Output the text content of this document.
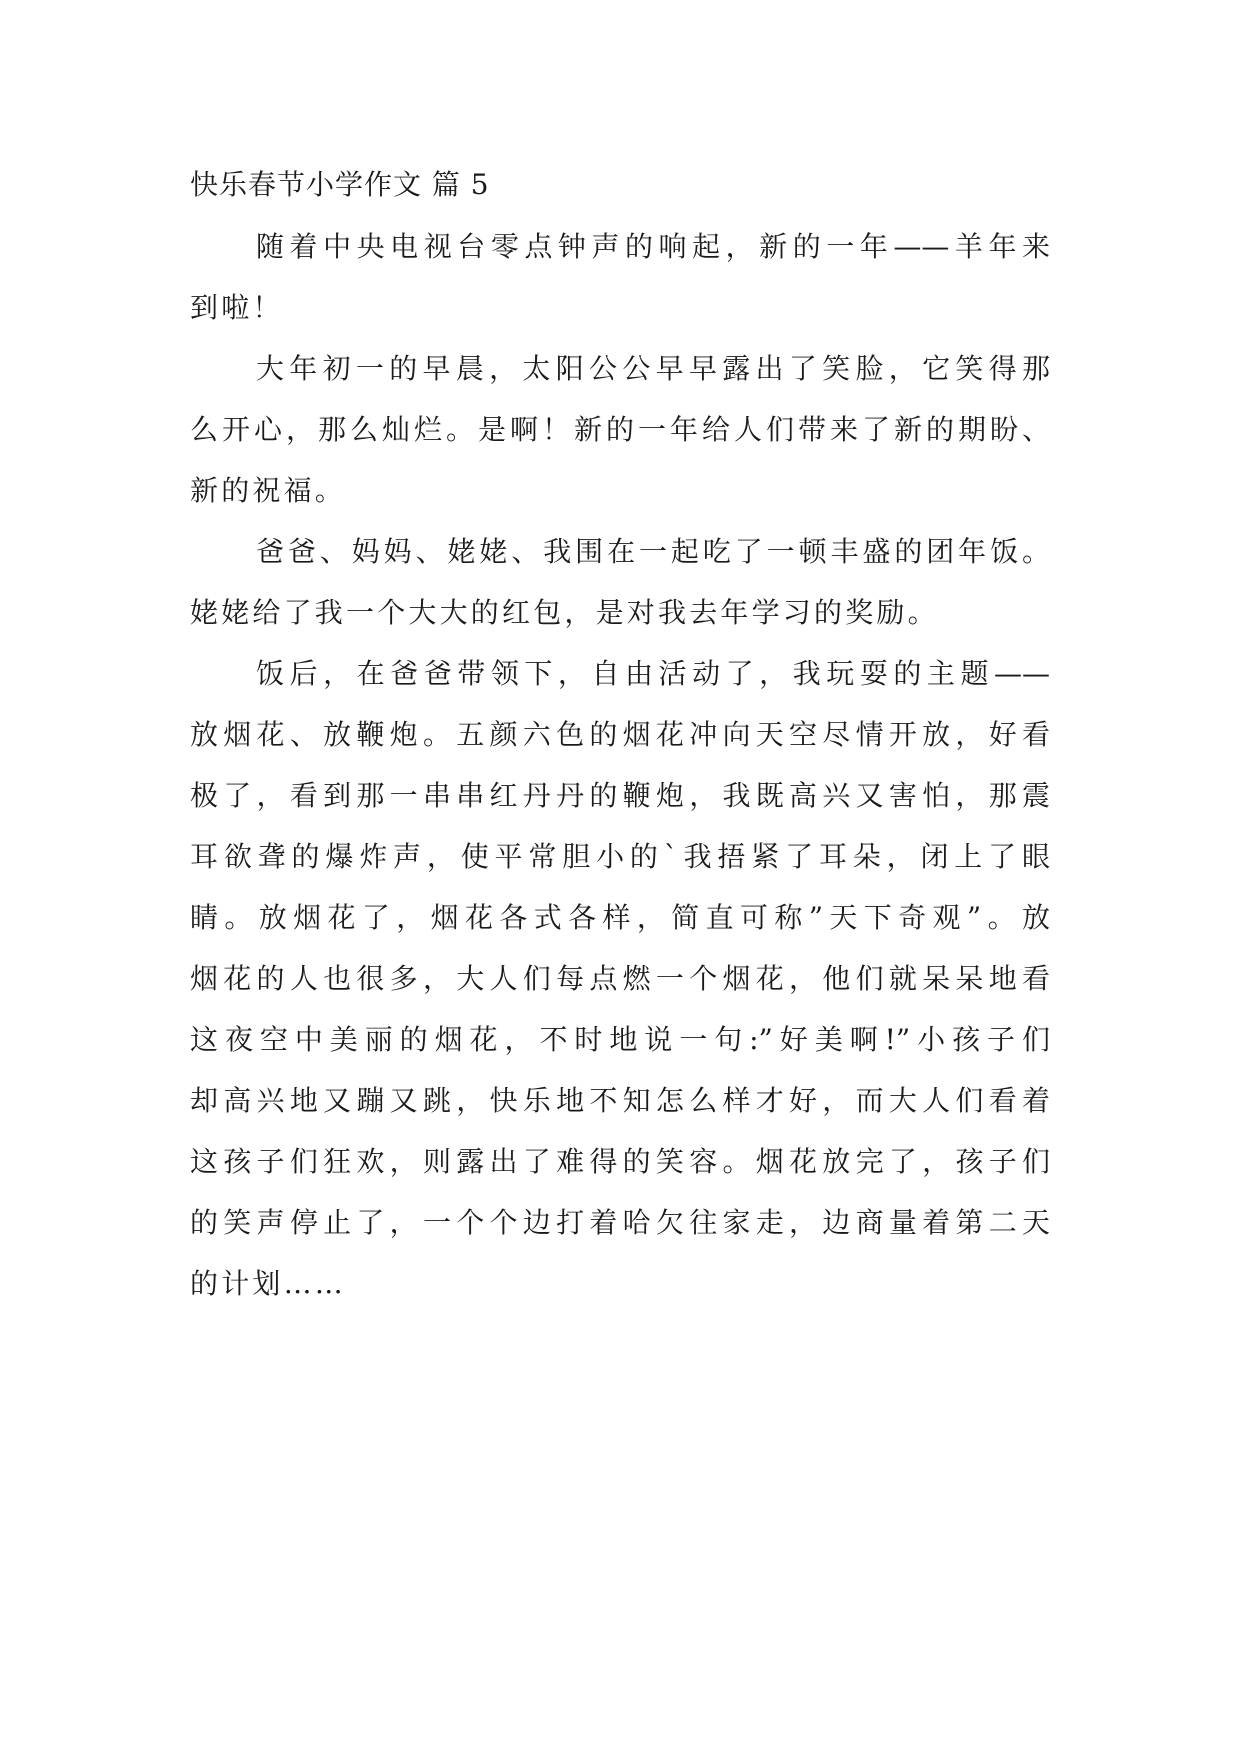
快乐春节小学作文 篇 5
随着中央电视台零点钟声的响起，新的一年——羊年来
到啦！
大年初一的早晨，太阳公公早早露出了笑脸，它笑得那
么开心，那么灿烂。是啊！新的一年给人们带来了新的期盼、
新的祝福。
爸爸、妈妈、姥姥、我围在一起吃了一顿丰盛的团年饭。
姥姥给了我一个大大的红包，是对我去年学习的奖励。
饭后，在爸爸带领下，自由活动了，我玩耍的主题——
放烟花、放鞭炮。五颜六色的烟花冲向天空尽情开放，好看
极了，看到那一串串红丹丹的鞭炮，我既高兴又害怕，那震
耳欲聋的爆炸声，使平常胆小的`我捂紧了耳朵，闭上了眼
睛。放烟花了，烟花各式各样，简直可称”天下奇观”。放
烟花的人也很多，大人们每点燃一个烟花，他们就呆呆地看
这夜空中美丽的烟花，不时地说一句:”好美啊!”小孩子们
却高兴地又蹦又跳，快乐地不知怎么样才好，而大人们看着
这孩子们狂欢，则露出了难得的笑容。烟花放完了，孩子们
的笑声停止了，一个个边打着哈欠往家走，边商量着第二天
的计划……
